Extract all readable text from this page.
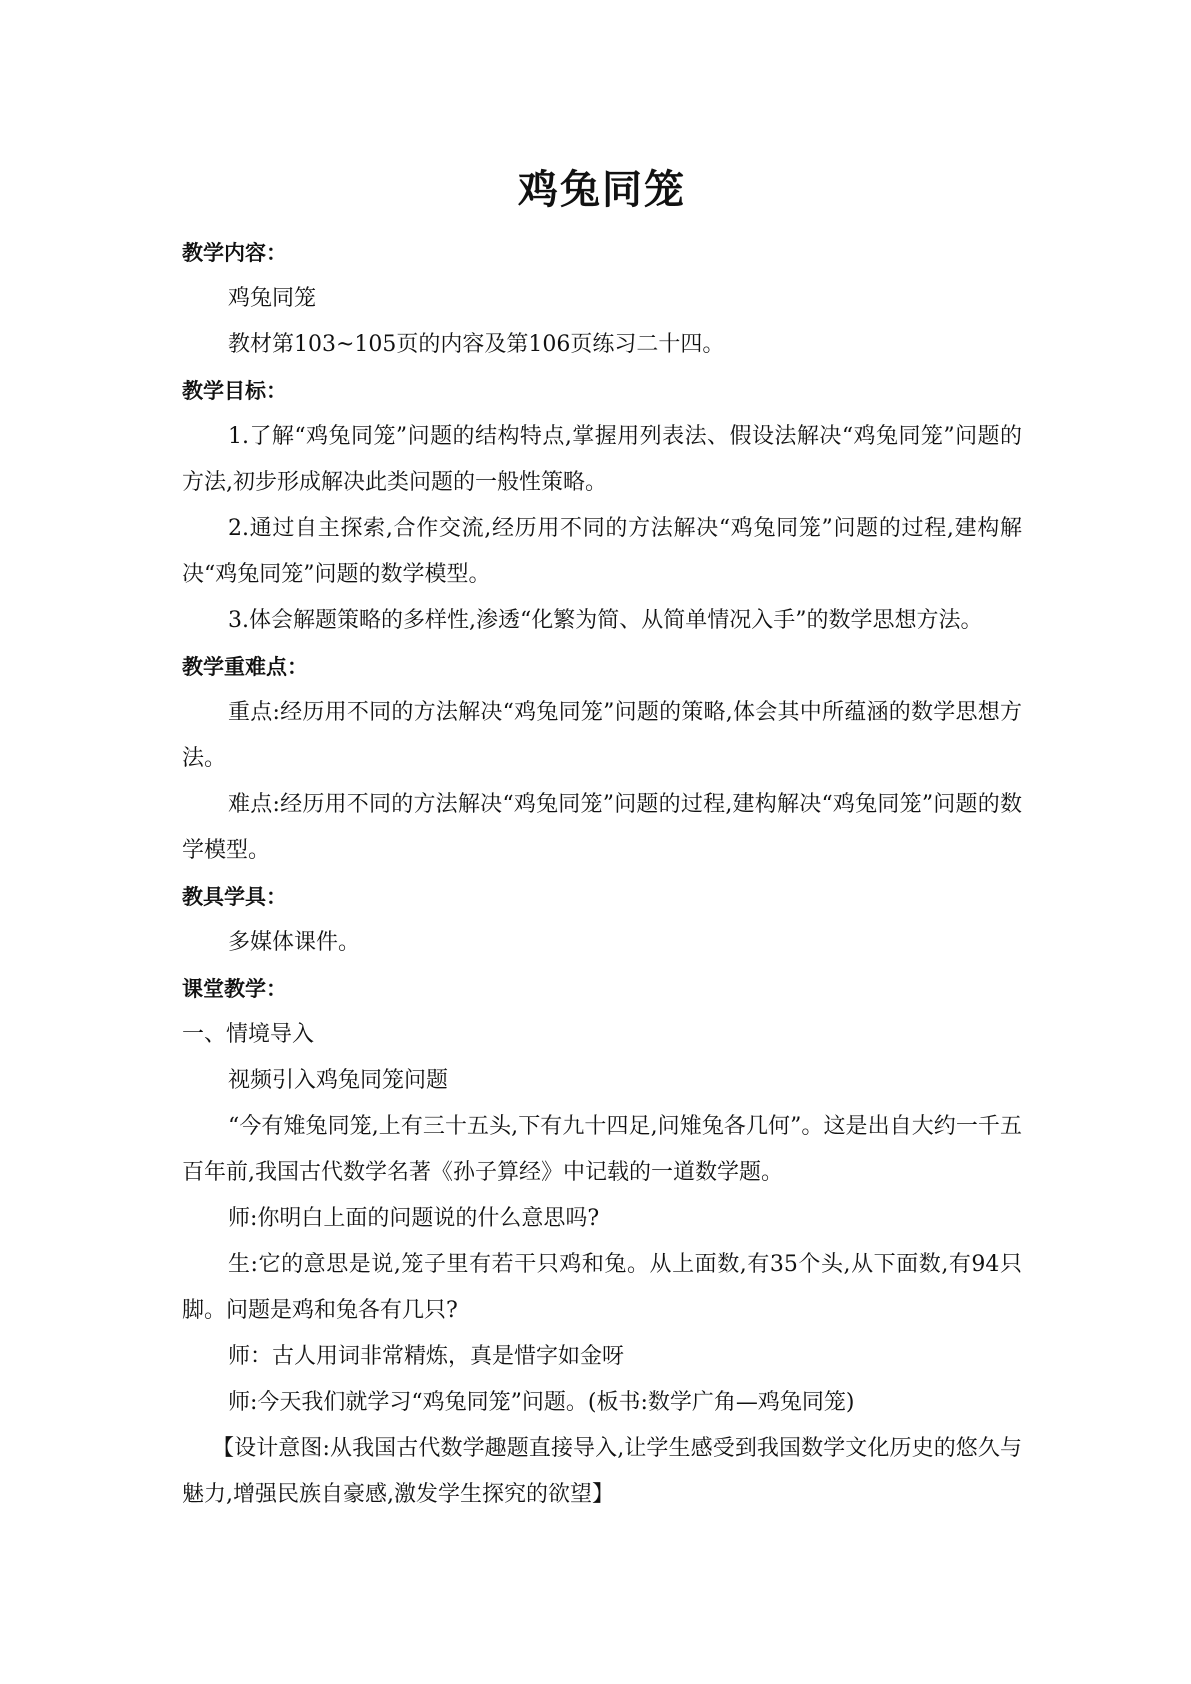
鸡兔同笼
教学内容：

鸡兔同笼

教材第103~105页的内容及第106页练习二十四。

教学目标：

1.了解“鸡兔同笼”问题的结构特点,掌握用列表法、假设法解决“鸡兔同笼”问题的方法,初步形成解决此类问题的一般性策略。

2.通过自主探索,合作交流,经历用不同的方法解决“鸡兔同笼”问题的过程,建构解决“鸡兔同笼”问题的数学模型。

3.体会解题策略的多样性,渗透“化繁为简、从简单情况入手”的数学思想方法。

教学重难点：

重点:经历用不同的方法解决“鸡兔同笼”问题的策略,体会其中所蕴涵的数学思想方法。

难点:经历用不同的方法解决“鸡兔同笼”问题的过程,建构解决“鸡兔同笼”问题的数学模型。

教具学具：

多媒体课件。

课堂教学：

一、情境导入

视频引入鸡兔同笼问题

“今有雉兔同笼,上有三十五头,下有九十四足,问雉兔各几何”。这是出自大约一千五百年前,我国古代数学名著《孙子算经》中记载的一道数学题。

师:你明白上面的问题说的什么意思吗?

生:它的意思是说,笼子里有若干只鸡和兔。从上面数,有35个头,从下面数,有94只脚。问题是鸡和兔各有几只?

师：古人用词非常精炼，真是惜字如金呀

师:今天我们就学习“鸡兔同笼”问题。(板书:数学广角—鸡兔同笼)

【设计意图:从我国古代数学趣题直接导入,让学生感受到我国数学文化历史的悠久与魅力,增强民族自豪感,激发学生探究的欲望】
